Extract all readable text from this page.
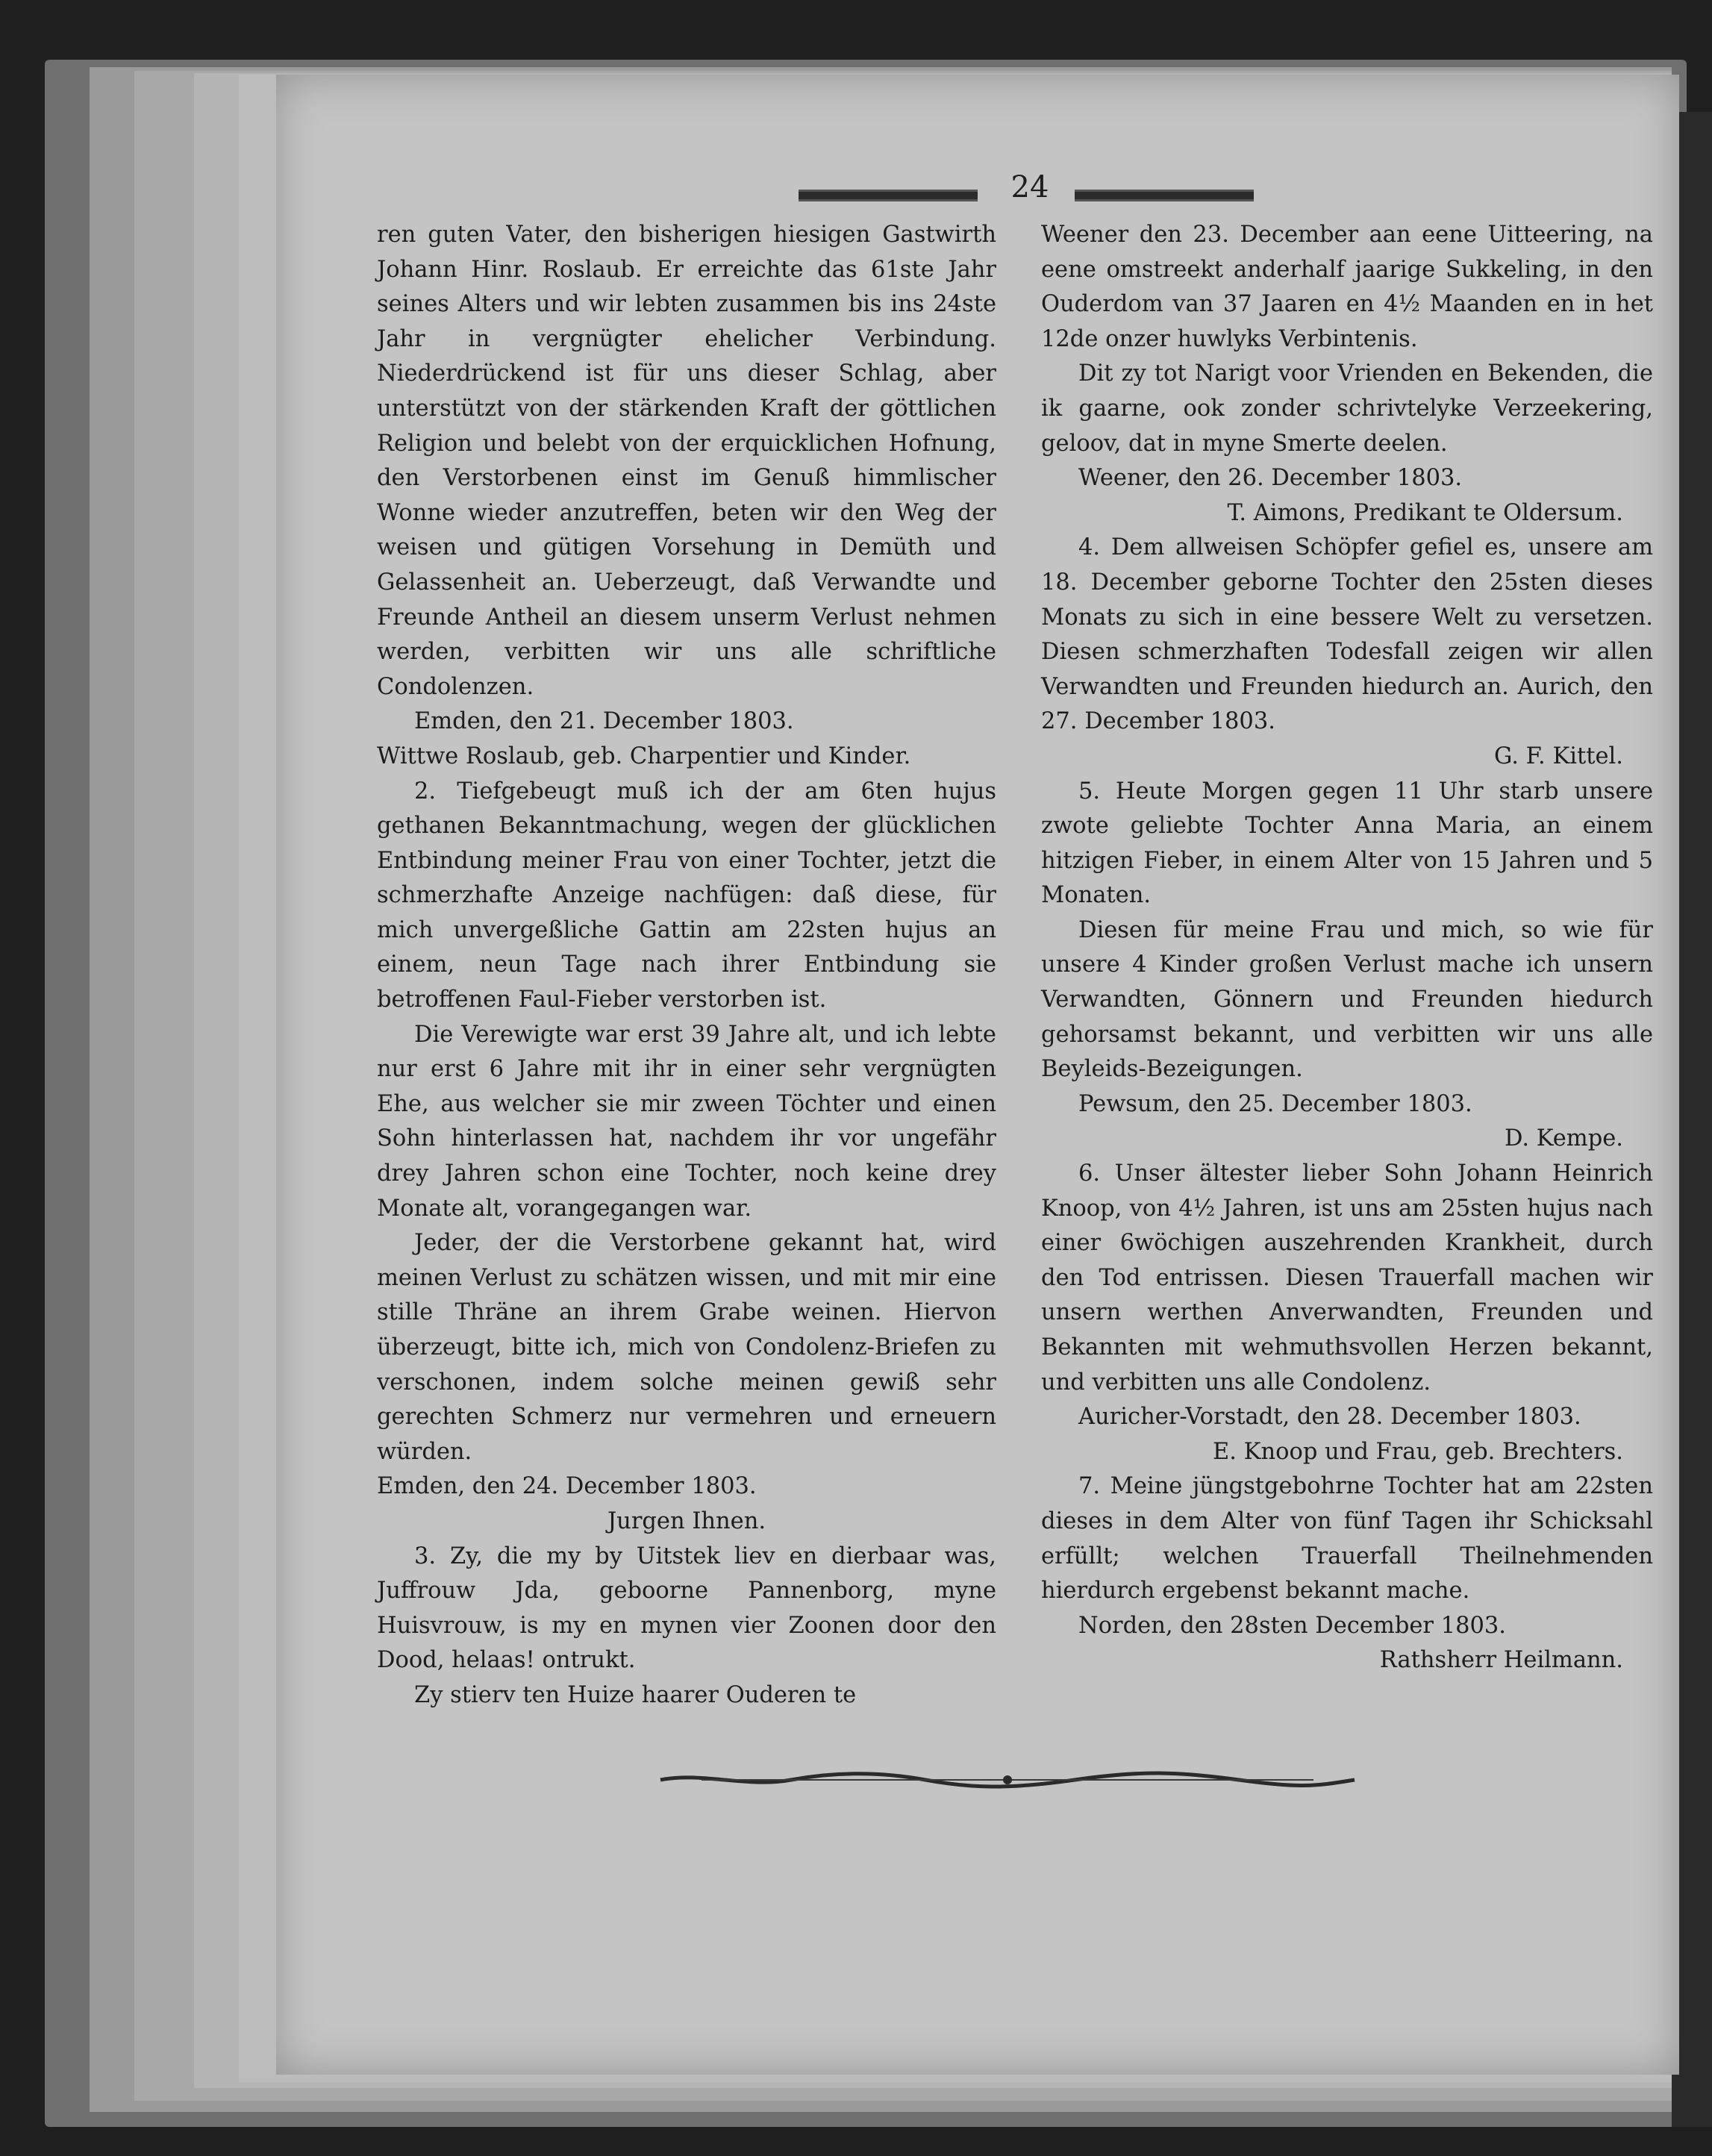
24

ren guten Vater, den bisherigen hiesigen Gastwirth Johann Hinr. Roslaub. Er erreichte das 61ste Jahr seines Alters und wir lebten zusammen bis ins 24ste Jahr in vergnügter ehelicher Verbindung. Niederdrückend ist für uns dieser Schlag, aber unterstützt von der stärkenden Kraft der göttlichen Religion und belebt von der erquicklichen Hofnung, den Verstorbenen einst im Genuß himmlischer Wonne wieder anzutreffen, beten wir den Weg der weisen und gütigen Vorsehung in Demüth und Gelassenheit an. Ueberzeugt, daß Verwandte und Freunde Antheil an diesem unserm Verlust nehmen werden, verbitten wir uns alle schriftliche Condolenzen.

Emden, den 21. December 1803.

Wittwe Roslaub, geb. Charpentier und Kinder.

2. Tiefgebeugt muß ich der am 6ten hujus gethanen Bekanntmachung, wegen der glücklichen Entbindung meiner Frau von einer Tochter, jetzt die schmerzhafte Anzeige nachfügen: daß diese, für mich unvergeßliche Gattin am 22sten hujus an einem, neun Tage nach ihrer Entbindung sie betroffenen Faul-Fieber verstorben ist.

Die Verewigte war erst 39 Jahre alt, und ich lebte nur erst 6 Jahre mit ihr in einer sehr vergnügten Ehe, aus welcher sie mir zween Töchter und einen Sohn hinterlassen hat, nachdem ihr vor ungefähr drey Jahren schon eine Tochter, noch keine drey Monate alt, vorangegangen war.

Jeder, der die Verstorbene gekannt hat, wird meinen Verlust zu schätzen wissen, und mit mir eine stille Thräne an ihrem Grabe weinen. Hiervon überzeugt, bitte ich, mich von Condolenz-Briefen zu verschonen, indem solche meinen gewiß sehr gerechten Schmerz nur vermehren und erneuern würden.

Emden, den 24. December 1803.

Jurgen Ihnen.

3. Zy, die my by Uitstek liev en dierbaar was, Juffrouw Jda, geboorne Pannenborg, myne Huisvrouw, is my en mynen vier Zoonen door den Dood, helaas! ontrukt.

Zy stierv ten Huize haarer Ouderen te

Weener den 23. December aan eene Uitteering, na eene omstreekt anderhalf jaarige Sukkeling, in den Ouderdom van 37 Jaaren en 4½ Maanden en in het 12de onzer huwlyks Verbintenis.

Dit zy tot Narigt voor Vrienden en Bekenden, die ik gaarne, ook zonder schrivtelyke Verzeekering, geloov, dat in myne Smerte deelen.

Weener, den 26. December 1803.

T. Aimons, Predikant te Oldersum.

4. Dem allweisen Schöpfer gefiel es, unsere am 18. December geborne Tochter den 25sten dieses Monats zu sich in eine bessere Welt zu versetzen. Diesen schmerzhaften Todesfall zeigen wir allen Verwandten und Freunden hiedurch an. Aurich, den 27. December 1803.

G. F. Kittel.

5. Heute Morgen gegen 11 Uhr starb unsere zwote geliebte Tochter Anna Maria, an einem hitzigen Fieber, in einem Alter von 15 Jahren und 5 Monaten.

Diesen für meine Frau und mich, so wie für unsere 4 Kinder großen Verlust mache ich unsern Verwandten, Gönnern und Freunden hiedurch gehorsamst bekannt, und verbitten wir uns alle Beyleids-Bezeigungen.

Pewsum, den 25. December 1803.

D. Kempe.

6. Unser ältester lieber Sohn Johann Heinrich Knoop, von 4½ Jahren, ist uns am 25sten hujus nach einer 6wöchigen auszehrenden Krankheit, durch den Tod entrissen. Diesen Trauerfall machen wir unsern werthen Anverwandten, Freunden und Bekannten mit wehmuthsvollen Herzen bekannt, und verbitten uns alle Condolenz.

Auricher-Vorstadt, den 28. December 1803.

E. Knoop und Frau, geb. Brechters.

7. Meine jüngstgebohrne Tochter hat am 22sten dieses in dem Alter von fünf Tagen ihr Schicksahl erfüllt; welchen Trauerfall Theilnehmenden hierdurch ergebenst bekannt mache.

Norden, den 28sten December 1803.

Rathsherr Heilmann.
